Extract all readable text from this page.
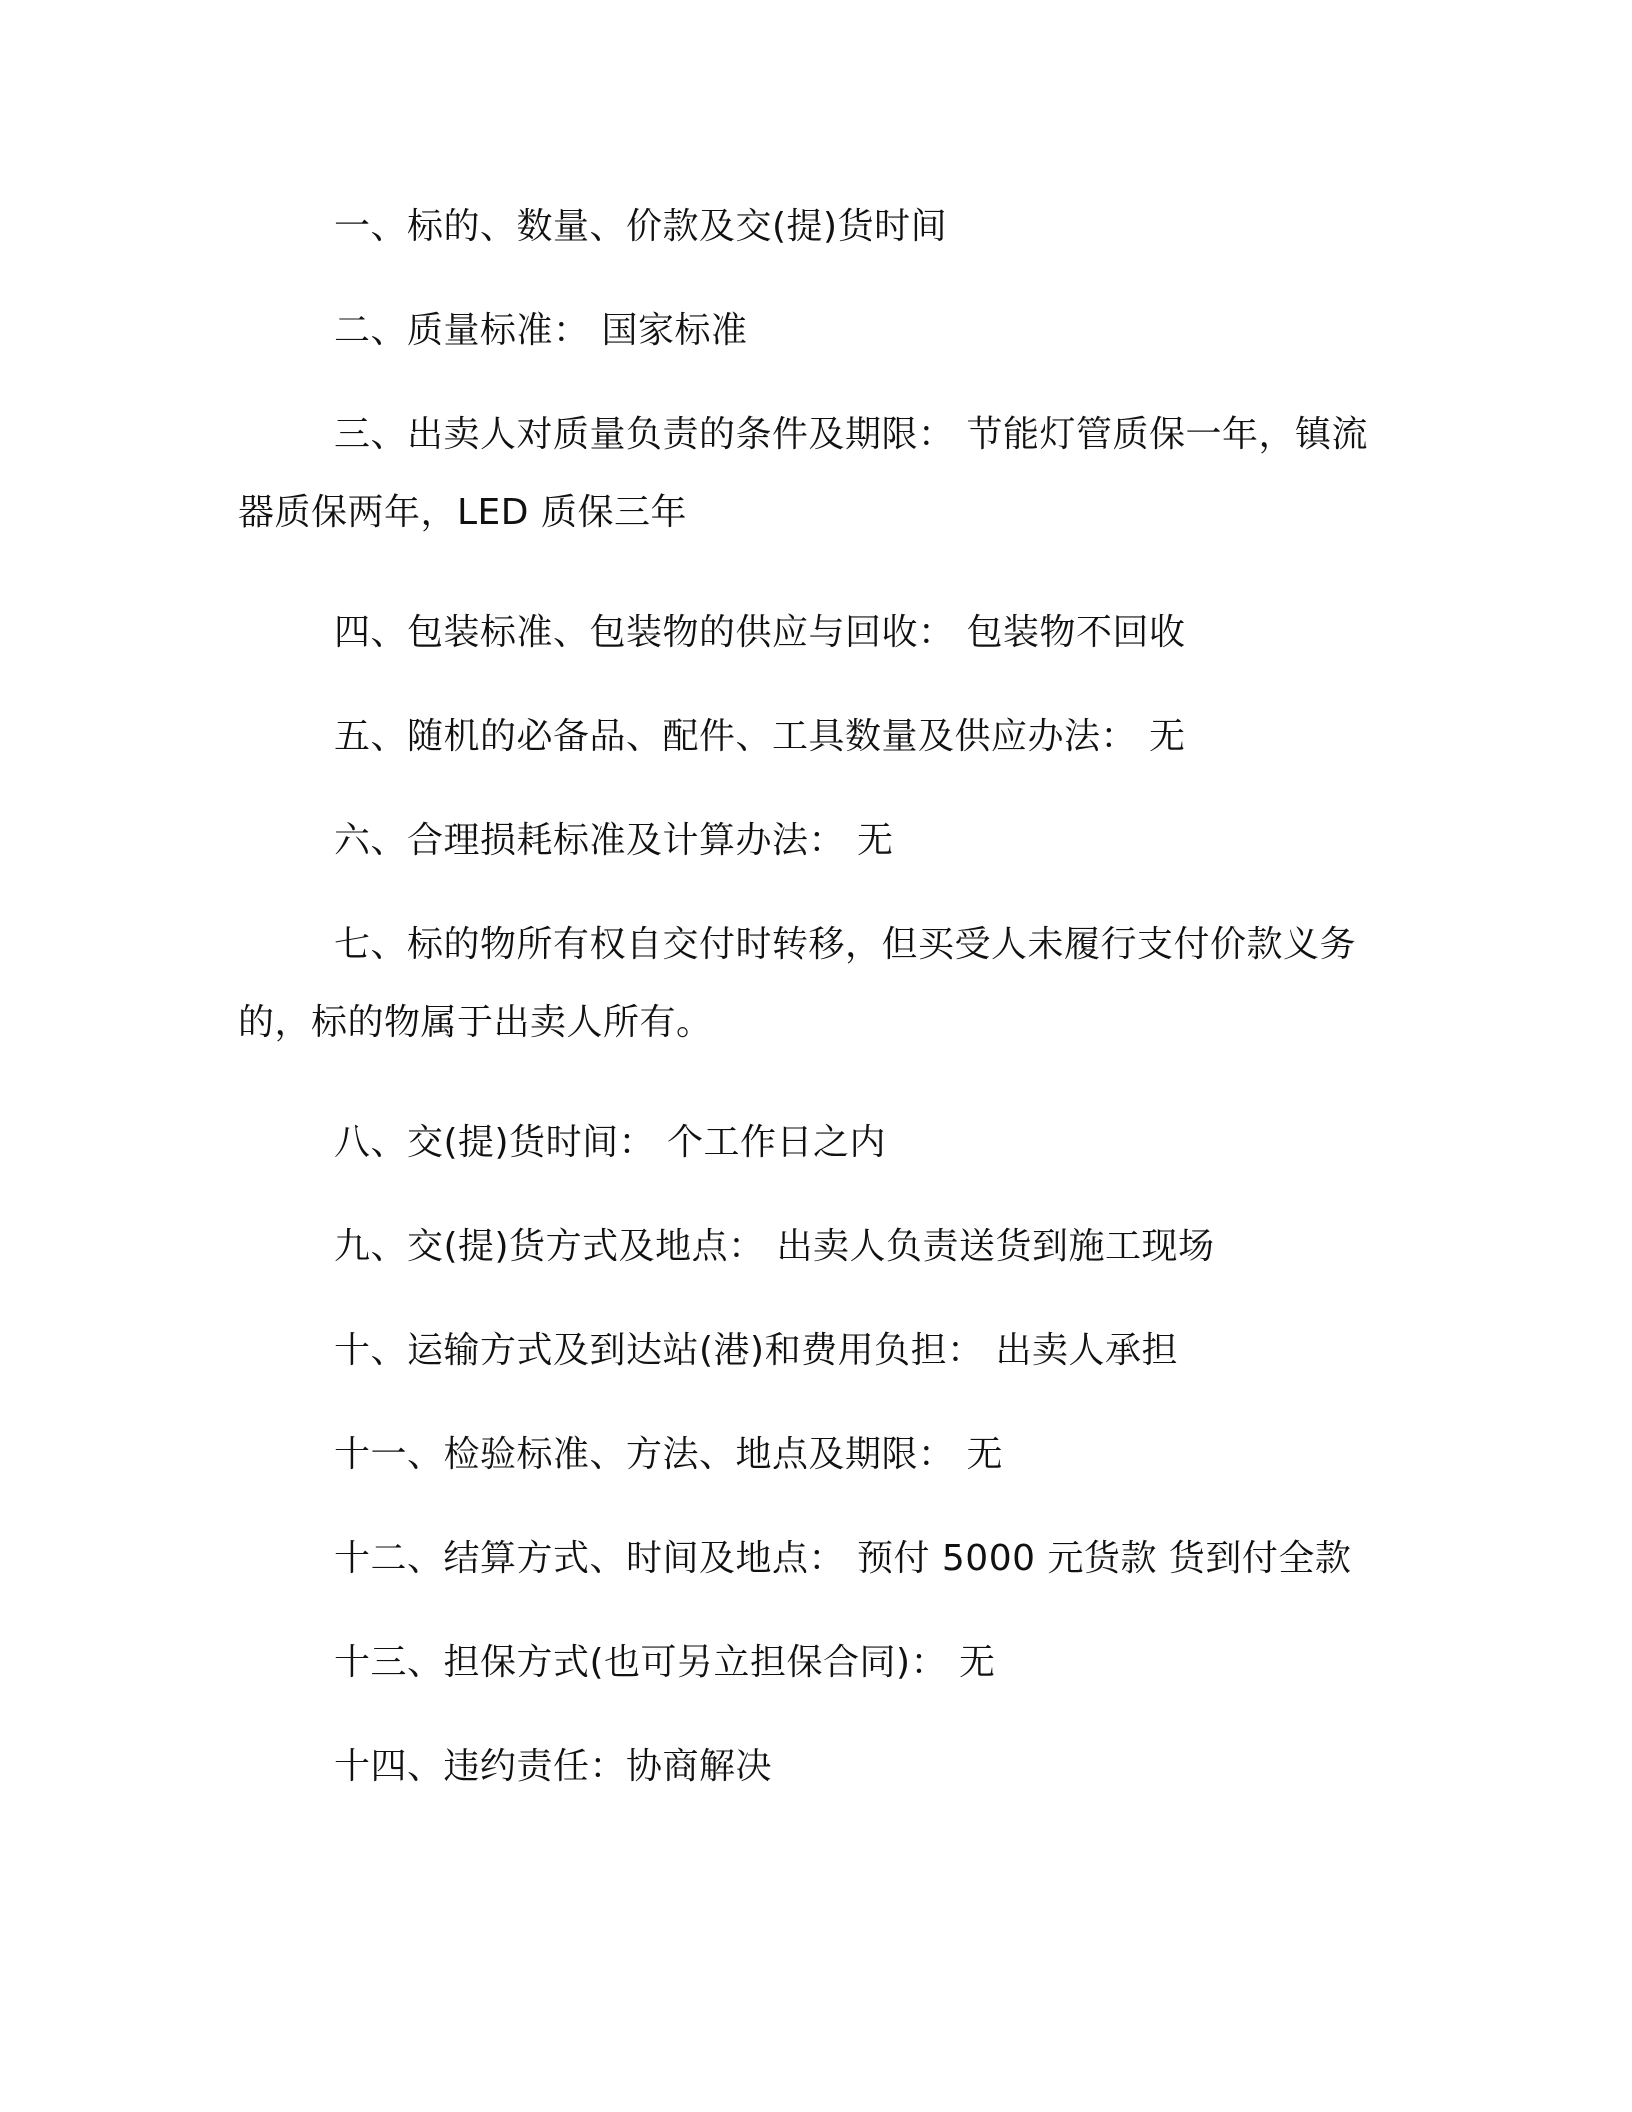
一、标的、数量、价款及交(提)货时间

二、质量标准： 国家标准

三、出卖人对质量负责的条件及期限： 节能灯管质保一年，镇流器质保两年，LED 质保三年

四、包装标准、包装物的供应与回收： 包装物不回收

五、随机的必备品、配件、工具数量及供应办法： 无

六、合理损耗标准及计算办法： 无

七、标的物所有权自交付时转移，但买受人未履行支付价款义务的，标的物属于出卖人所有。

八、交(提)货时间： 个工作日之内

九、交(提)货方式及地点： 出卖人负责送货到施工现场

十、运输方式及到达站(港)和费用负担： 出卖人承担

十一、检验标准、方法、地点及期限： 无

十二、结算方式、时间及地点： 预付 5000 元货款 货到付全款

十三、担保方式(也可另立担保合同)： 无

十四、违约责任：协商解决
